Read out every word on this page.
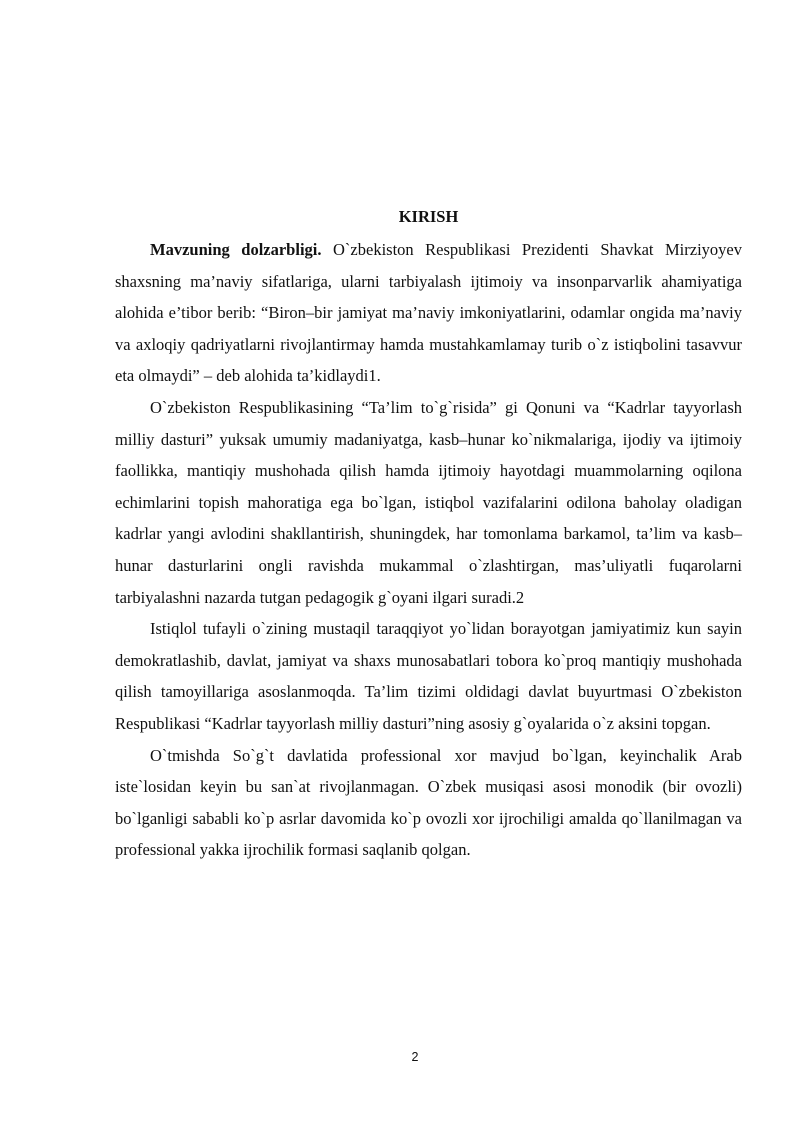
KIRISH

Mavzuning dolzarbligi. O`zbekiston Respublikasi Prezidenti Shavkat Mirziyoyev shaxsning ma’naviy sifatlariga, ularni tarbiyalash ijtimoiy va insonparvarlik ahamiyatiga alohida e’tibor berib: “Biron–bir jamiyat ma’naviy imkoniyatlarini, odamlar ongida ma’naviy va axloqiy qadriyatlarni rivojlantirmay hamda mustahkamlamay turib o`z istiqbolini tasavvur eta olmaydi” – deb alohida ta’kidlaydi1.

O`zbekiston Respublikasining “Ta’lim to`g`risida” gi Qonuni va “Kadrlar tayyorlash milliy dasturi” yuksak umumiy madaniyatga, kasb–hunar ko`nikmalariga, ijodiy va ijtimoiy faollikka, mantiqiy mushohada qilish hamda ijtimoiy hayotdagi muammolarning oqilona echimlarini topish mahoratiga ega bo`lgan, istiqbol vazifalarini odilona baholay oladigan kadrlar yangi avlodini shakllantirish, shuningdek, har tomonlama barkamol, ta’lim va kasb–hunar dasturlarini ongli ravishda mukammal o`zlashtirgan, mas’uliyatli fuqarolarni tarbiyalashni nazarda tutgan pedagogik g`oyani ilgari suradi.2

Istiqlol tufayli o`zining mustaqil taraqqiyot yo`lidan borayotgan jamiyatimiz kun sayin demokratlashib, davlat, jamiyat va shaxs munosabatlari tobora ko`proq mantiqiy mushohada qilish tamoyillariga asoslanmoqda. Ta’lim tizimi oldidagi davlat buyurtmasi O`zbekiston Respublikasi “Kadrlar tayyorlash milliy dasturi”ning asosiy g`oyalarida o`z aksini topgan.

O`tmishda So`g`t davlatida professional xor mavjud bo`lgan, keyinchalik Arab iste`losidan keyin bu san`at rivojlanmagan. O`zbek musiqasi asosi monodik (bir ovozli) bo`lganligi sababli ko`p asrlar davomida ko`p ovozli xor ijrochiligi amalda qo`llanilmagan va professional yakka ijrochilik formasi saqlanib qolgan.

2
